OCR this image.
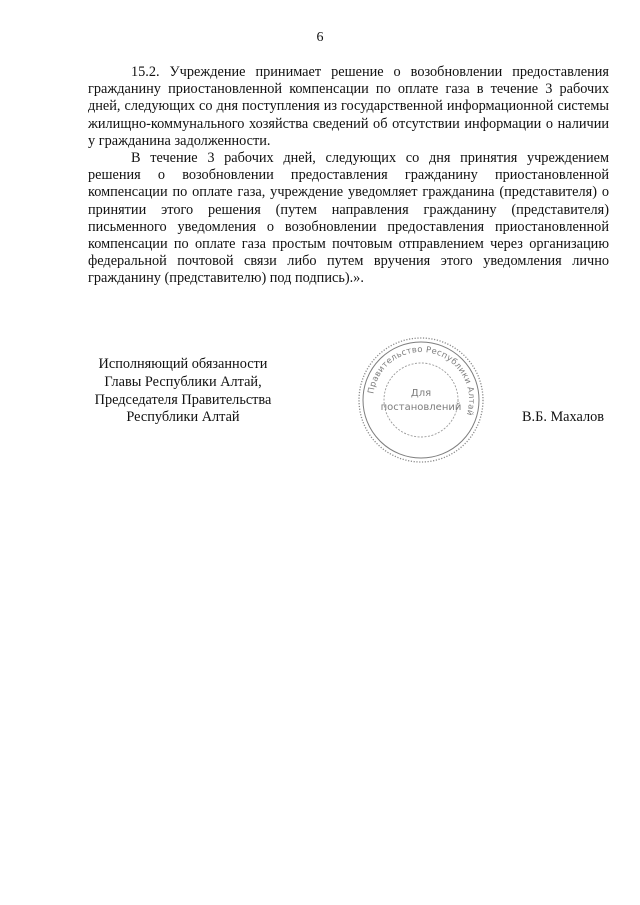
6

15.2. Учреждение принимает решение о возобновлении предоставления гражданину приостановленной компенсации по оплате газа в течение 3 рабочих дней, следующих со дня поступления из государственной информационной системы жилищно-коммунального хозяйства сведений об отсутствии информации о наличии у гражданина задолженности.

В течение 3 рабочих дней, следующих со дня принятия учреждением решения о возобновлении предоставления гражданину приостановленной компенсации по оплате газа, учреждение уведомляет гражданина (представителя) о принятии этого решения (путем направления гражданину (представителя) письменного уведомления о возобновлении предоставления приостановленной компенсации по оплате газа простым почтовым отправлением через организацию федеральной почтовой связи либо путем вручения этого уведомления лично гражданину (представителю) под подпись).».

Исполняющий обязанности
Главы Республики Алтай,
Председателя Правительства
Республики Алтай
Правительство Республики Алтай
Для
постановлений
В.Б. Махалов
